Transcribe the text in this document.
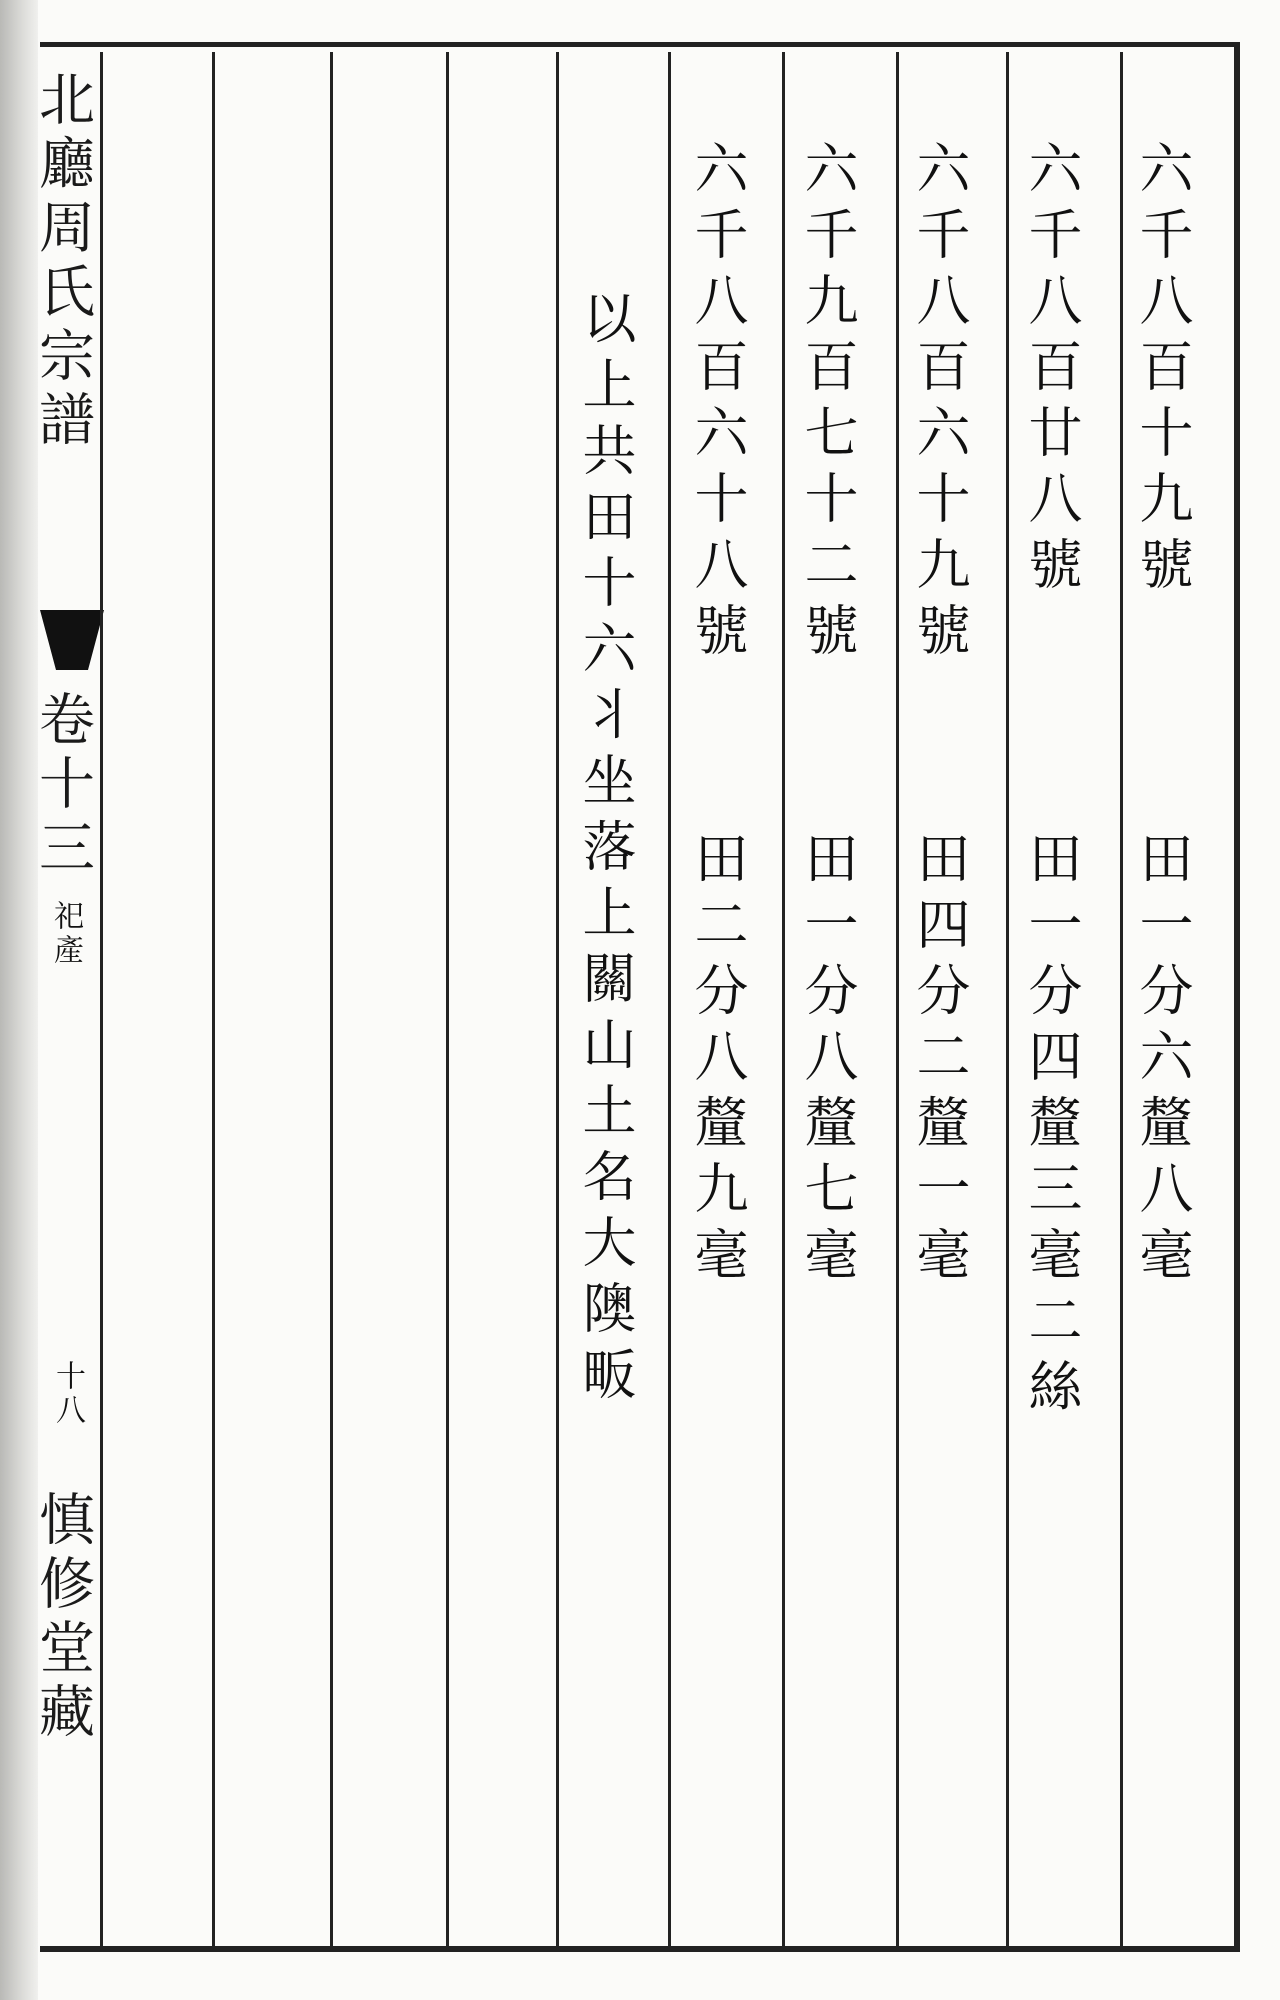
北廳周氏宗譜
卷十三
祀產
十八
慎修堂藏
六千八百十九號
田一分六釐八毫
六千八百廿八號
田一分四釐三毫二絲
六千八百六十九號
田四分二釐一毫
六千九百七十二號
田一分八釐七毫
六千八百六十八號
田二分八釐九毫
以上共田十六丬坐落上關山土名大隩畈
